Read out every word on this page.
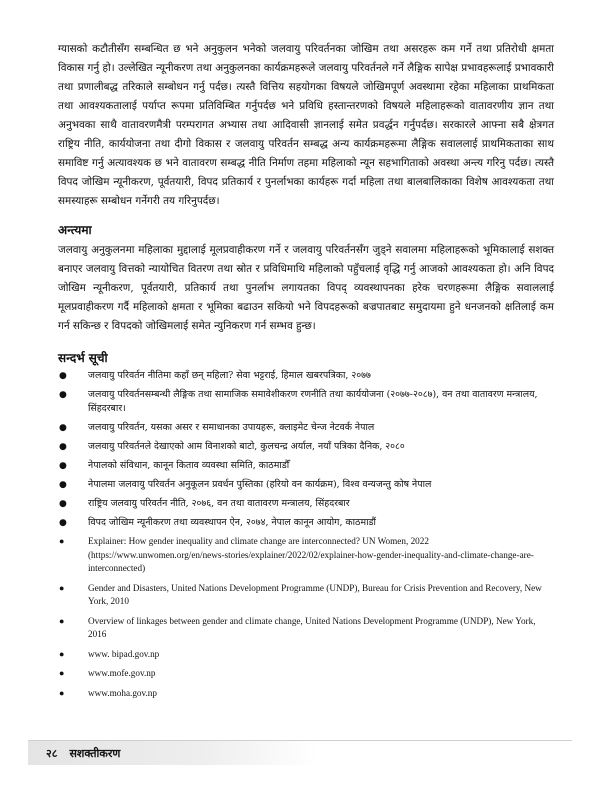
ग्यासको कटौतीसँग सम्बन्धित छ भने अनुकुलन भनेको जलवायु परिवर्तनका जोखिम तथा असरहरू कम गर्ने तथा प्रतिरोधी क्षमता विकास गर्नु हो। उल्लेखित न्यूनीकरण तथा अनुकुलनका कार्यक्रमहरूले जलवायु परिवर्तनले गर्ने लैङ्गिक सापेक्ष प्रभावहरूलाई प्रभावकारी तथा प्रणालीबद्ध तरिकाले सम्बोधन गर्नु पर्दछ। त्यस्तै वित्तिय सहयोगका विषयले जोखिमपूर्ण अवस्थामा रहेका महिलाका प्राथमिकता तथा आवश्यकतालाई पर्याप्त रूपमा प्रतिविम्बित गर्नुपर्दछ भने प्रविधि हस्तान्तरणको विषयले महिलाहरूको वातावरणीय ज्ञान तथा अनुभवका साथै वातावरणमैत्री परम्परागत अभ्यास तथा आदिवासी ज्ञानलाई समेत प्रवर्द्धन गर्नुपर्दछ। सरकारले आफ्ना सबै क्षेत्रगत राष्ट्रिय नीति, कार्ययोजना तथा दीगो विकास र जलवायु परिवर्तन सम्बद्ध अन्य कार्यक्रमहरूमा लैङ्गिक सवाललाई प्राथमिकताका साथ समाविष्ट गर्नु अत्यावश्यक छ भने वातावरण सम्बद्ध नीति निर्माण तहमा महिलाको न्यून सहभागिताको अवस्था अन्त्य गरिनु पर्दछ। त्यस्तै विपद जोखिम न्यूनीकरण, पूर्वतयारी, विपद प्रतिकार्य र पुनर्लाभका कार्यहरू गर्दा महिला तथा बालबालिकाका विशेष आवश्यकता तथा समस्याहरू सम्बोधन गर्नेगरी तय गरिनुपर्दछ।

अन्त्यमा

जलवायु अनुकुलनमा महिलाका मुद्दालाई मूलप्रवाहीकरण गर्ने र जलवायु परिवर्तनसँग जुड्ने सवालमा महिलाहरूको भूमिकालाई सशक्त बनाएर जलवायु वित्तको न्यायोचित वितरण तथा स्रोत र प्रविधिमाथि महिलाको पहुँचलाई वृद्धि गर्नु आजको आवश्यकता हो। अनि विपद जोखिम न्यूनीकरण, पूर्वतयारी, प्रतिकार्य तथा पुनर्लाभ लगायतका विपद् व्यवस्थापनका हरेक चरणहरूमा लैङ्गिक सवाललाई मूलप्रवाहीकरण गर्दै महिलाको क्षमता र भूमिका बढाउन सकियो भने विपदहरूको बज्रपातबाट समुदायमा हुने धनजनको क्षतिलाई कम गर्न सकिन्छ र विपदको जोखिमलाई समेत न्युनिकरण गर्न सम्भव हुन्छ।

सन्दर्भ सूची
● जलवायु परिवर्तन नीतिमा कहाँ छन् महिला? सेवा भट्टराई, हिमाल खबरपत्रिका, २०७७
● जलवायु परिवर्तनसम्बन्धी लैङ्गिक तथा सामाजिक समावेशीकरण रणनीति तथा कार्ययोजना (२०७७-२०८७), वन तथा वातावरण मन्त्रालय, सिंहदरबार।
● जलवायु परिवर्तन, यसका असर र समाधानका उपायहरू, क्लाइमेट चेन्ज नेटवर्क नेपाल
● जलवायु परिवर्तनले देखाएको आम विनाशको बाटो, कुलचन्द्र अर्याल, नयाँ पत्रिका दैनिक, २०८०
● नेपालको संविधान, कानून किताव व्यवस्था समिति, काठमाडौँ
● नेपालमा जलवायु परिवर्तन अनुकूलन प्रवर्धन पुस्तिका (हरियो वन कार्यक्रम), विश्व वन्यजन्तु कोष नेपाल
● राष्ट्रिय जलवायु परिवर्तन नीति, २०७६, वन तथा वातावरण मन्त्रालय, सिंहदरबार
● विपद जोखिम न्यूनीकरण तथा व्यवस्थापन ऐन, २०७४, नेपाल कानून आयोग, काठमाडौं
●	Explainer: How gender inequality and climate change are interconnected? UN Women, 2022 (https://www.unwomen.org/en/news-stories/explainer/2022/02/explainer-how-gender-inequality-and-climate-change-are-interconnected)
●	Gender and Disasters, United Nations Development Programme (UNDP), Bureau for Crisis Prevention and Recovery, New York, 2010
●	Overview of linkages between gender and climate change, United Nations Development Programme (UNDP), New York, 2016
●	www. bipad.gov.np
●	www.mofe.gov.np
●	www.moha.gov.np
२८ सशक्तीकरण
